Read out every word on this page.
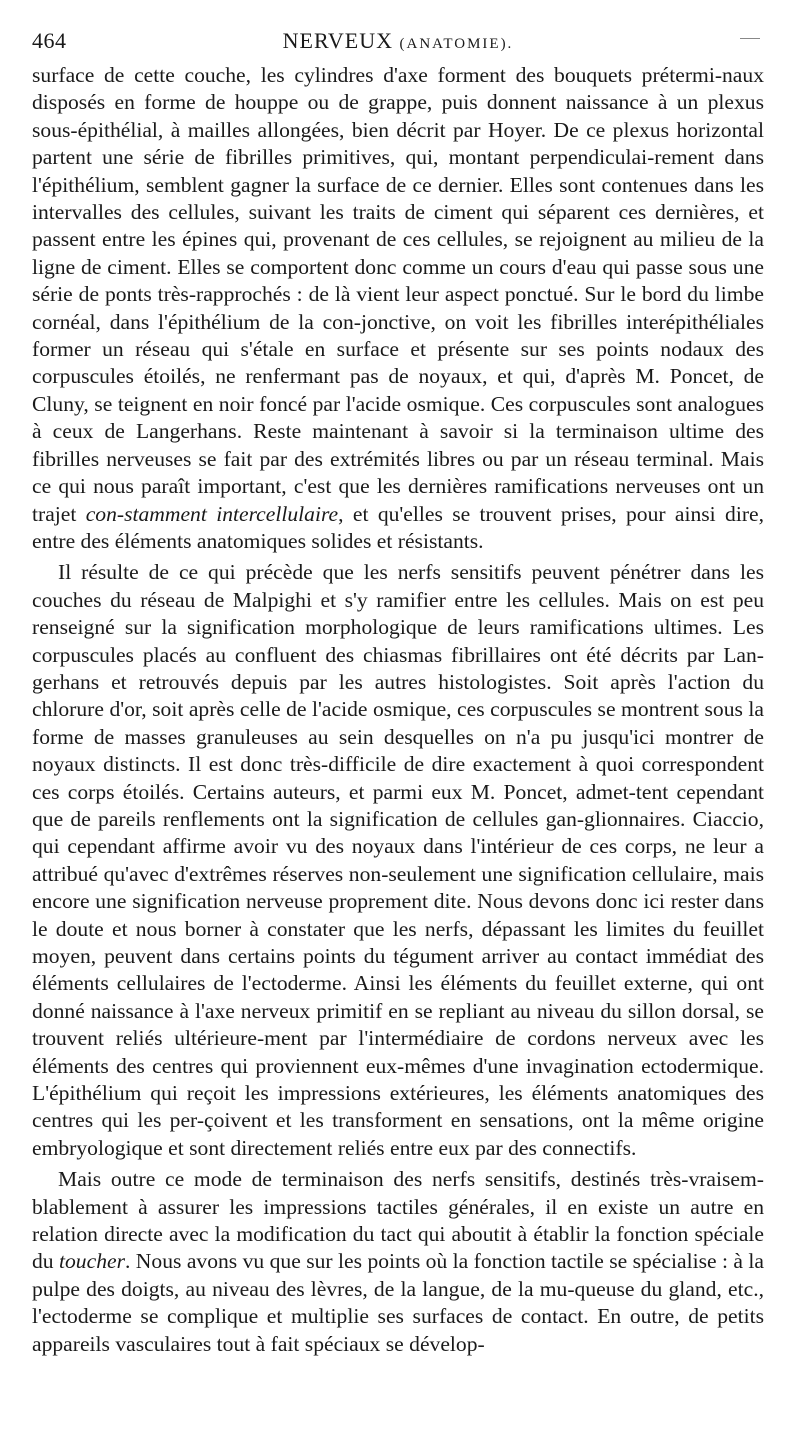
464	NERVEUX (ANATOMIE).

surface de cette couche, les cylindres d'axe forment des bouquets prétermi-naux disposés en forme de houppe ou de grappe, puis donnent naissance à un plexus sous-épithélial, à mailles allongées, bien décrit par Hoyer. De ce plexus horizontal partent une série de fibrilles primitives, qui, montant perpendiculai-rement dans l'épithélium, semblent gagner la surface de ce dernier. Elles sont contenues dans les intervalles des cellules, suivant les traits de ciment qui séparent ces dernières, et passent entre les épines qui, provenant de ces cellules, se rejoignent au milieu de la ligne de ciment. Elles se comportent donc comme un cours d'eau qui passe sous une série de ponts très-rapprochés : de là vient leur aspect ponctué. Sur le bord du limbe cornéal, dans l'épithélium de la con-jonctive, on voit les fibrilles interépithéliales former un réseau qui s'étale en surface et présente sur ses points nodaux des corpuscules étoilés, ne renfermant pas de noyaux, et qui, d'après M. Poncet, de Cluny, se teignent en noir foncé par l'acide osmique. Ces corpuscules sont analogues à ceux de Langerhans. Reste maintenant à savoir si la terminaison ultime des fibrilles nerveuses se fait par des extrémités libres ou par un réseau terminal. Mais ce qui nous paraît important, c'est que les dernières ramifications nerveuses ont un trajet con-stamment intercellulaire, et qu'elles se trouvent prises, pour ainsi dire, entre des éléments anatomiques solides et résistants.

Il résulte de ce qui précède que les nerfs sensitifs peuvent pénétrer dans les couches du réseau de Malpighi et s'y ramifier entre les cellules. Mais on est peu renseigné sur la signification morphologique de leurs ramifications ultimes. Les corpuscules placés au confluent des chiasmas fibrillaires ont été décrits par Lan-gerhans et retrouvés depuis par les autres histologistes. Soit après l'action du chlorure d'or, soit après celle de l'acide osmique, ces corpuscules se montrent sous la forme de masses granuleuses au sein desquelles on n'a pu jusqu'ici montrer de noyaux distincts. Il est donc très-difficile de dire exactement à quoi correspondent ces corps étoilés. Certains auteurs, et parmi eux M. Poncet, admet-tent cependant que de pareils renflements ont la signification de cellules gan-glionnaires. Ciaccio, qui cependant affirme avoir vu des noyaux dans l'intérieur de ces corps, ne leur a attribué qu'avec d'extrêmes réserves non-seulement une signification cellulaire, mais encore une signification nerveuse proprement dite. Nous devons donc ici rester dans le doute et nous borner à constater que les nerfs, dépassant les limites du feuillet moyen, peuvent dans certains points du tégument arriver au contact immédiat des éléments cellulaires de l'ectoderme. Ainsi les éléments du feuillet externe, qui ont donné naissance à l'axe nerveux primitif en se repliant au niveau du sillon dorsal, se trouvent reliés ultérieure-ment par l'intermédiaire de cordons nerveux avec les éléments des centres qui proviennent eux-mêmes d'une invagination ectodermique. L'épithélium qui reçoit les impressions extérieures, les éléments anatomiques des centres qui les per-çoivent et les transforment en sensations, ont la même origine embryologique et sont directement reliés entre eux par des connectifs.

Mais outre ce mode de terminaison des nerfs sensitifs, destinés très-vraisem-blablement à assurer les impressions tactiles générales, il en existe un autre en relation directe avec la modification du tact qui aboutit à établir la fonction spéciale du toucher. Nous avons vu que sur les points où la fonction tactile se spécialise : à la pulpe des doigts, au niveau des lèvres, de la langue, de la mu-queuse du gland, etc., l'ectoderme se complique et multiplie ses surfaces de contact. En outre, de petits appareils vasculaires tout à fait spéciaux se dévelop-
